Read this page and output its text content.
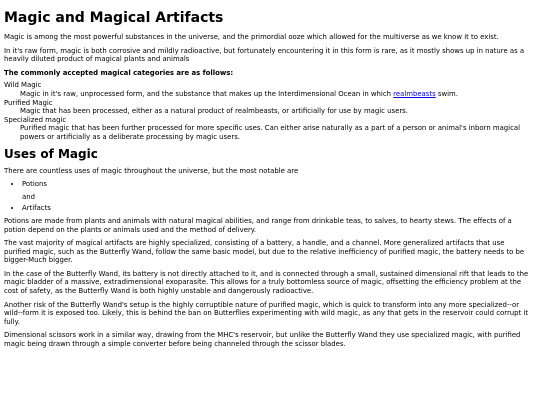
Magic and Magical Artifacts

Magic is among the most powerful substances in the universe, and the primordial ooze which allowed for the multiverse as we know it to exist.

In it's raw form, magic is both corrosive and mildly radioactive, but fortunately encountering it in this form is rare, as it mostly shows up in nature as a heavily diluted product of magical plants and animals

The commonly accepted magical categories are as follows:

Wild Magic
Magic in it's raw, unprocessed form, and the substance that makes up the Interdimensional Ocean in which realmbeasts swim.
Purified Magic
Magic that has been processed, either as a natural product of realmbeasts, or artificially for use by magic users.
Specialized magic
Purified magic that has been further processed for more specific uses. Can either arise naturally as a part of a person or animal's inborn magical powers or artificially as a deliberate processing by magic users.
Uses of Magic

There are countless uses of magic throughout the universe, but the most notable are

• Potions
and
• Artifacts

Potions are made from plants and animals with natural magical abilities, and range from drinkable teas, to salves, to hearty stews. The effects of a potion depend on the plants or animals used and the method of delivery.

The vast majority of magical artifacts are highly specialized, consisting of a battery, a handle, and a channel. More generalized artifacts that use purified magic, such as the Butterfly Wand, follow the same basic model, but due to the relative inefficiency of purified magic, the battery needs to be bigger-Much bigger.

In the case of the Butterfly Wand, its battery is not directly attached to it, and is connected through a small, sustained dimensional rift that leads to the magic bladder of a massive, extradimensional exoparasite. This allows for a truly bottomless source of magic, offsetting the efficiency problem at the cost of safety, as the Butterfly Wand is both highly unstable and dangerously radioactive.

Another risk of the Butterfly Wand's setup is the highly corruptible nature of purified magic, which is quick to transform into any more specialized--or wild--form it is exposed too. Likely, this is behind the ban on Butterflies experimenting with wild magic, as any that gets in the reservoir could corrupt it fully.

Dimensional scissors work in a similar way, drawing from the MHC's reservoir, but unlike the Butterfly Wand they use specialized magic, with purified magic being drawn through a simple converter before being channeled through the scissor blades.
